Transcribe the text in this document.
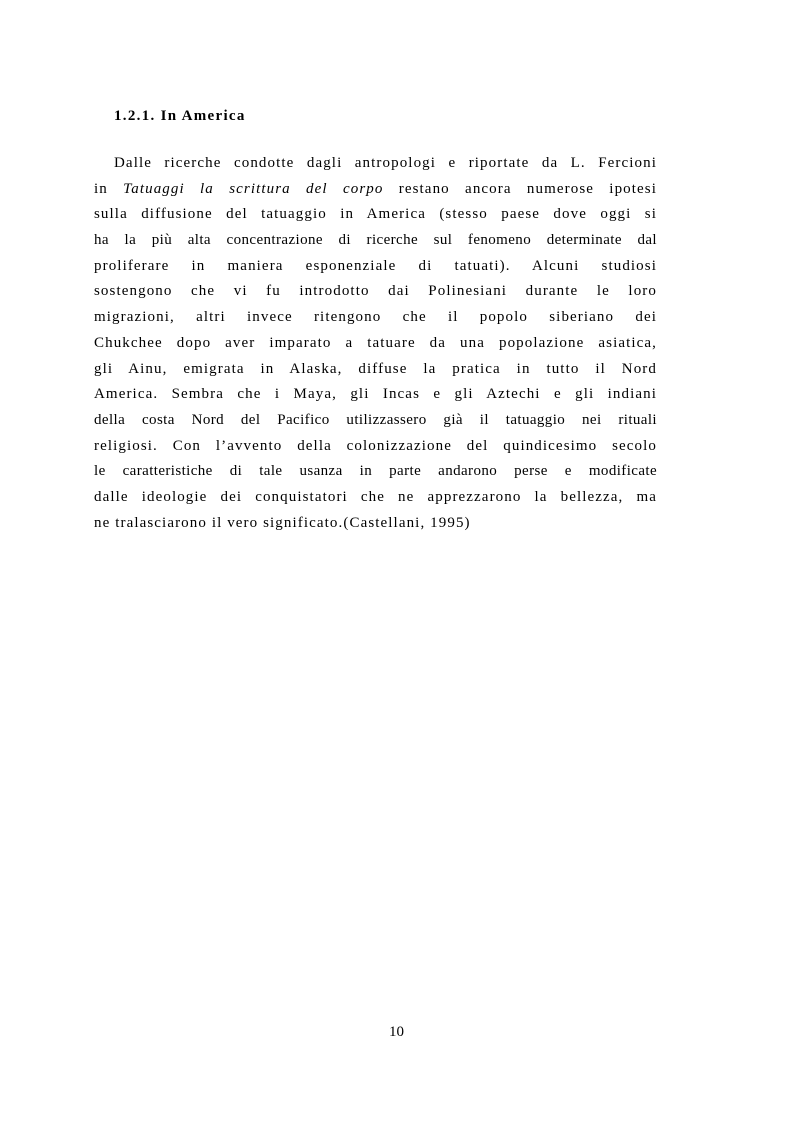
1.2.1. In America

Dalle ricerche condotte dagli antropologi e riportate da L. Fercioni
in Tatuaggi la scrittura del corpo restano ancora numerose ipotesi
sulla diffusione del tatuaggio in America (stesso paese dove oggi si
ha la più alta concentrazione di ricerche sul fenomeno determinate dal
proliferare in maniera esponenziale di tatuati). Alcuni studiosi
sostengono che vi fu introdotto dai Polinesiani durante le loro
migrazioni, altri invece ritengono che il popolo siberiano dei
Chukchee dopo aver imparato a tatuare da una popolazione asiatica,
gli Ainu, emigrata in Alaska, diffuse la pratica in tutto il Nord
America. Sembra che i Maya, gli Incas e gli Aztechi e gli indiani
della costa Nord del Pacifico utilizzassero già il tatuaggio nei rituali
religiosi. Con l’avvento della colonizzazione del quindicesimo secolo
le caratteristiche di tale usanza in parte andarono perse e modificate
dalle ideologie dei conquistatori che ne apprezzarono la bellezza, ma
ne tralasciarono il vero significato.(Castellani, 1995)

10
